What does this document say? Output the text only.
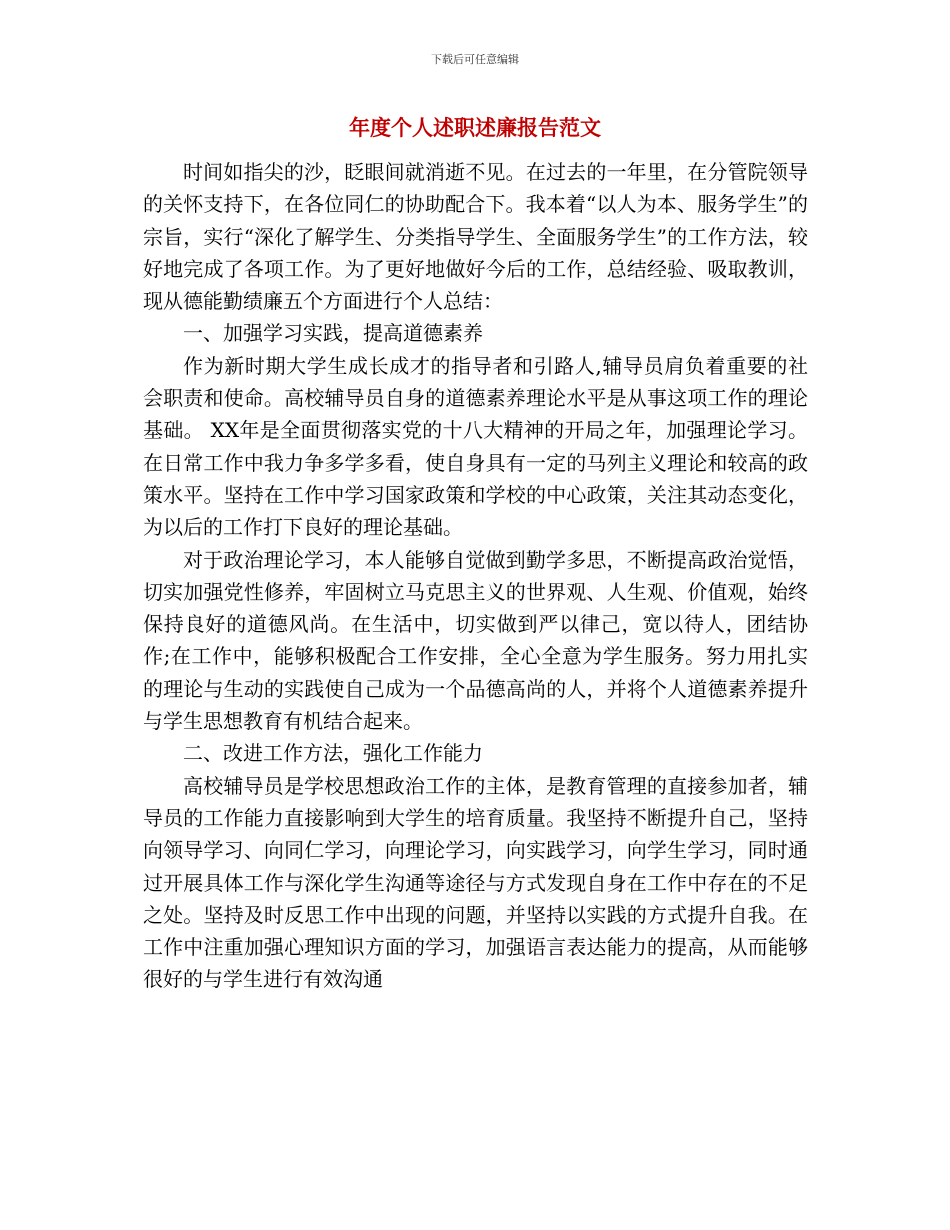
下载后可任意编辑
年度个人述职述廉报告范文

时间如指尖的沙，眨眼间就消逝不见。在过去的一年里，在分管院领导的关怀支持下，在各位同仁的协助配合下。我本着“以人为本、服务学生”的宗旨，实行“深化了解学生、分类指导学生、全面服务学生”的工作方法，较好地完成了各项工作。为了更好地做好今后的工作，总结经验、吸取教训，现从德能勤绩廉五个方面进行个人总结：

一、加强学习实践，提高道德素养

作为新时期大学生成长成才的指导者和引路人,辅导员肩负着重要的社会职责和使命。高校辅导员自身的道德素养理论水平是从事这项工作的理论基础。 XX年是全面贯彻落实党的十八大精神的开局之年，加强理论学习。在日常工作中我力争多学多看，使自身具有一定的马列主义理论和较高的政策水平。坚持在工作中学习国家政策和学校的中心政策，关注其动态变化，为以后的工作打下良好的理论基础。

对于政治理论学习，本人能够自觉做到勤学多思，不断提高政治觉悟，切实加强党性修养，牢固树立马克思主义的世界观、人生观、价值观，始终保持良好的道德风尚。在生活中，切实做到严以律己，宽以待人，团结协作;在工作中，能够积极配合工作安排，全心全意为学生服务。努力用扎实的理论与生动的实践使自己成为一个品德高尚的人，并将个人道德素养提升与学生思想教育有机结合起来。

二、改进工作方法，强化工作能力

高校辅导员是学校思想政治工作的主体，是教育管理的直接参加者，辅导员的工作能力直接影响到大学生的培育质量。我坚持不断提升自己，坚持向领导学习、向同仁学习，向理论学习，向实践学习，向学生学习，同时通过开展具体工作与深化学生沟通等途径与方式发现自身在工作中存在的不足之处。坚持及时反思工作中出现的问题，并坚持以实践的方式提升自我。在工作中注重加强心理知识方面的学习，加强语言表达能力的提高，从而能够很好的与学生进行有效沟通
